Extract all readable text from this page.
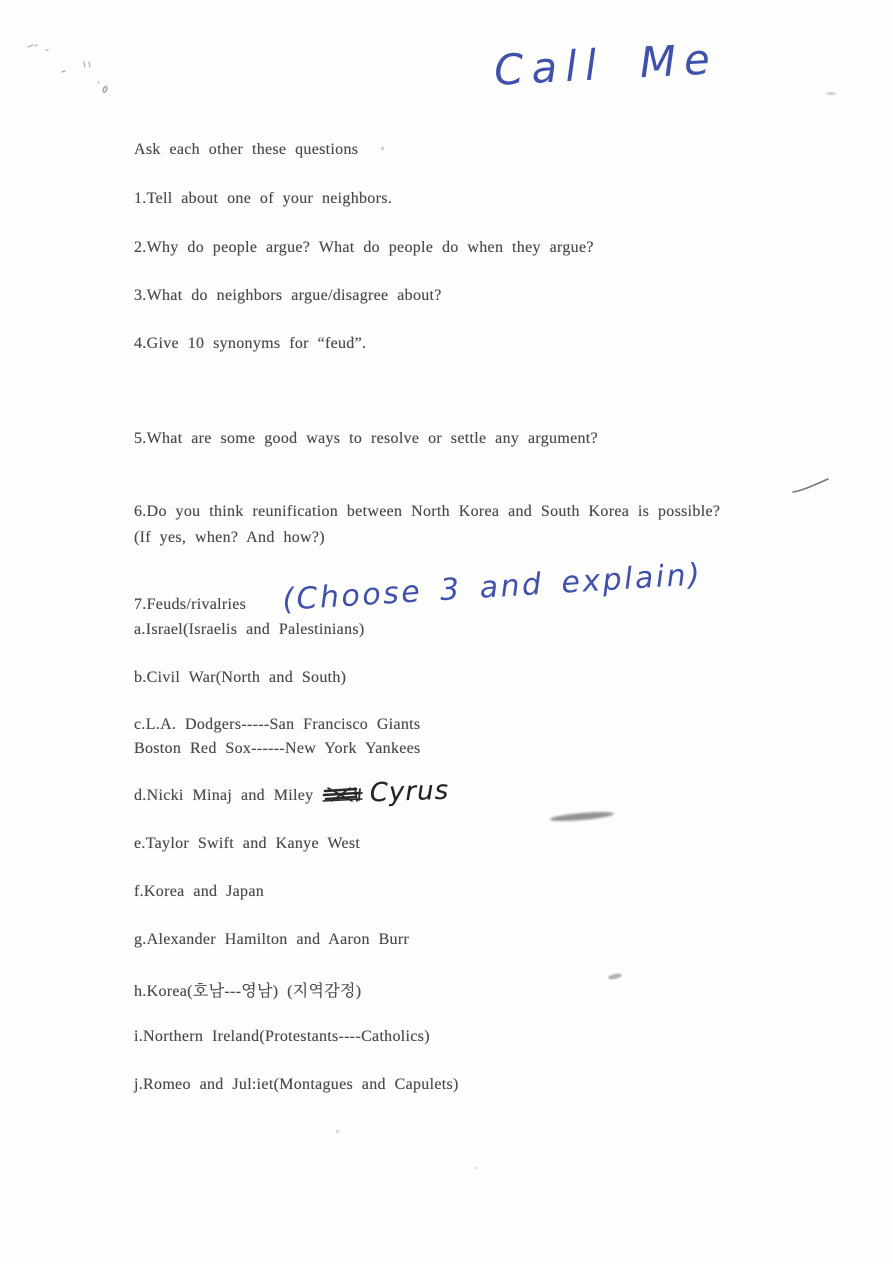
Call Me
Ask each other these questions
1.Tell about one of your neighbors.
2.Why do people argue? What do people do when they argue?
3.What do neighbors argue/disagree about?
4.Give 10 synonyms for “feud”.
5.What are some good ways to resolve or settle any argument?
6.Do you think reunification between North Korea and South Korea is possible?
(If yes, when? And how?)
7.Feuds/rivalries (Choose 3 and explain)
a.Israel(Israelis and Palestinians)
b.Civil War(North and South)
c.L.A. Dodgers-----San Francisco Giants
Boston Red Sox------New York Yankees
d.Nicki Minaj and Miley Cyrus
e.Taylor Swift and Kanye West
f.Korea and Japan
g.Alexander Hamilton and Aaron Burr
h.Korea(호남---영남) (지역감정)
i.Northern Ireland(Protestants----Catholics)
j.Romeo and Jul:iet(Montagues and Capulets)
